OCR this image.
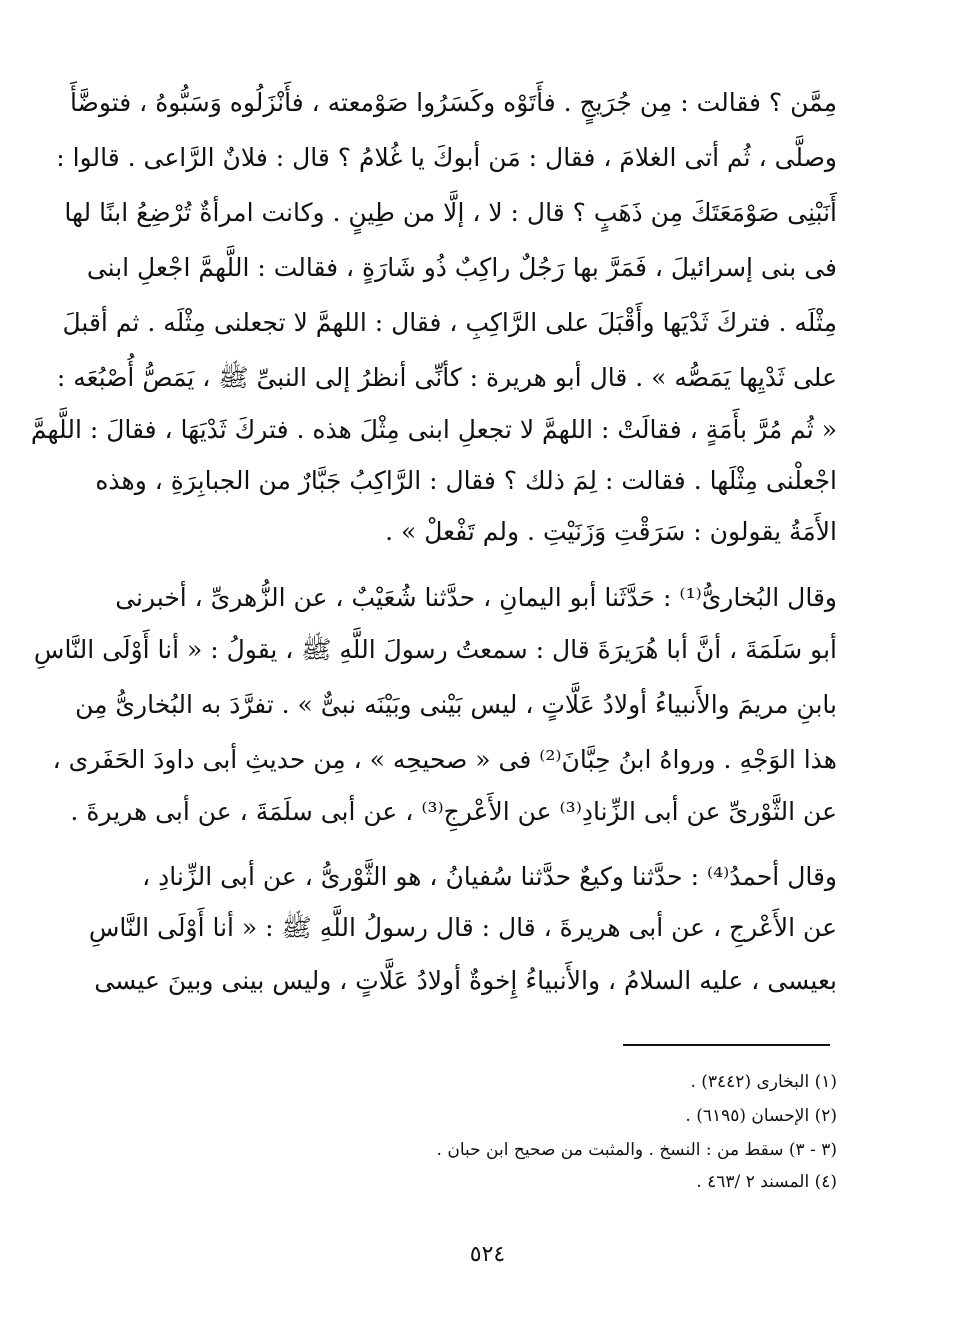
مِمَّن ؟ فقالت : مِن جُرَيجٍ . فأَتَوْه وكَسَرُوا صَوْمعته ، فأَنْزَلُوه وَسَبُّوهُ ، فتوضَّأَ
وصلَّى ، ثُم أتى الغلامَ ، فقال : مَن أبوكَ يا غُلامُ ؟ قال : فلانٌ الرَّاعى . قالوا :
أَنَبْنِى صَوْمَعَتَكَ مِن ذَهَبٍ ؟ قال : لا ، إلَّا من طِينٍ . وكانت امرأةٌ تُرْضِعُ ابنًا لها
فى بنى إسرائيلَ ، فَمَرَّ بها رَجُلٌ راكِبٌ ذُو شَارَةٍ ، فقالت : اللَّهمَّ اجْعلِ ابنى
مِثْلَه . فتركَ ثَدْيَها وأَقْبَلَ على الرَّاكِبِ ، فقال : اللهمَّ لا تجعلنى مِثْلَه . ثم أقبلَ
على ثَدْيِها يَمَصُّه » . قال أبو هريرة : كأنِّى أنظرُ إلى النبىِّ ﷺ ، يَمَصُّ أُصْبُعَه :
« ثُم مُرَّ بأَمَةٍ ، فقالَتْ : اللهمَّ لا تجعلِ ابنى مِثْلَ هذه . فتركَ ثَدْيَهَا ، فقالَ : اللَّهمَّ
اجْعلْنى مِثْلَها . فقالت : لِمَ ذلك ؟ فقال : الرَّاكِبُ جَبَّارٌ من الجبابِرَةِ ، وهذه
الأَمَةُ يقولون : سَرَقْتِ وَزَنَيْتِ . ولم تَفْعلْ » .
وقال البُخارىُّ⁽¹⁾ : حَدَّثَنا أبو اليمانِ ، حدَّثنا شُعَيْبٌ ، عن الزُّهرىِّ ، أخبرنى
أبو سَلَمَةَ ، أنَّ أبا هُرَيرَةَ قال : سمعتُ رسولَ اللَّهِ ﷺ ، يقولُ : « أنا أَوْلَى النَّاسِ
بابنِ مريمَ والأَنبياءُ أولادُ عَلَّاتٍ ، ليس بَيْنى وبَيْنَه نبىٌّ » . تفرَّدَ به البُخارىُّ مِن
هذا الوَجْهِ . ورواهُ ابنُ حِبَّانَ⁽²⁾ فى « صحيحِه » ، مِن حديثِ أبى داودَ الحَفَرى ،
عن الثَّوْرىِّ عن أبى الزِّنادِ⁽³⁾ عن الأَعْرجِ⁽³⁾ ، عن أبى سلَمَةَ ، عن أبى هريرةَ .
وقال أحمدُ⁽⁴⁾ : حدَّثنا وكيعٌ حدَّثنا سُفيانُ ، هو الثَّوْرىُّ ، عن أبى الزِّنادِ ،
عن الأَعْرجِ ، عن أبى هريرةَ ، قال : قال رسولُ اللَّهِ ﷺ : « أنا أَوْلَى النَّاسِ
بعيسى ، عليه السلامُ ، والأَنبياءُ إِخوةٌ أولادُ عَلَّاتٍ ، وليس بينى وبينَ عيسى
(١) البخارى (٣٤٤٢) .
(٢) الإحسان (٦١٩٥) .
(٣ - ٣) سقط من : النسخ . والمثبت من صحيح ابن حبان .
(٤) المسند ٢ /٤٦٣ .
٥٢٤
